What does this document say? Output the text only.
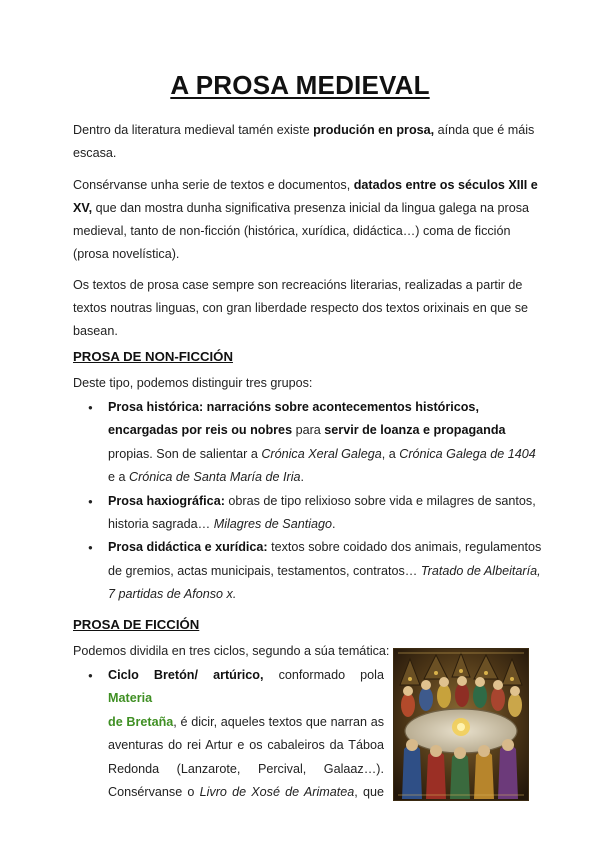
A PROSA MEDIEVAL

Dentro da literatura medieval tamén existe produción en prosa, aínda que é máis
escasa.

Consérvanse unha serie de textos e documentos, datados entre os séculos XIII e
XV, que dan mostra dunha significativa presenza inicial da lingua galega na prosa
medieval, tanto de non-ficción (histórica, xurídica, didáctica…) coma de ficción
(prosa novelística).

Os textos de prosa case sempre son recreacións literarias, realizadas a partir de
textos noutras linguas, con gran liberdade respecto dos textos orixinais en que se
basean.

PROSA DE NON-FICCIÓN

Deste tipo, podemos distinguir tres grupos:

● Prosa histórica: narracións sobre acontecementos históricos,
encargadas por reis ou nobres para servir de loanza e propaganda
propias. Son de salientar a Crónica Xeral Galega, a Crónica Galega de 1404
e a Crónica de Santa María de Iria.
● Prosa haxiográfica: obras de tipo relixioso sobre vida e milagres de santos,
historia sagrada… Milagres de Santiago.
● Prosa didáctica e xurídica: textos sobre coidado dos animais, regulamentos
de gremios, actas municipais, testamentos, contratos… Tratado de Albeitaría,
7 partidas de Afonso x.
PROSA DE FICCIÓN

Podemos dividila en tres ciclos, segundo a súa temática:

● Ciclo Bretón/ artúrico, conformado pola Materia
de Bretaña, é dicir, aqueles textos que narran as
aventuras do rei Artur e os cabaleiros da Táboa
Redonda (Lanzarote, Percival, Galaaz…).
Consérvanse o Livro de Xosé de Arimatea, que
